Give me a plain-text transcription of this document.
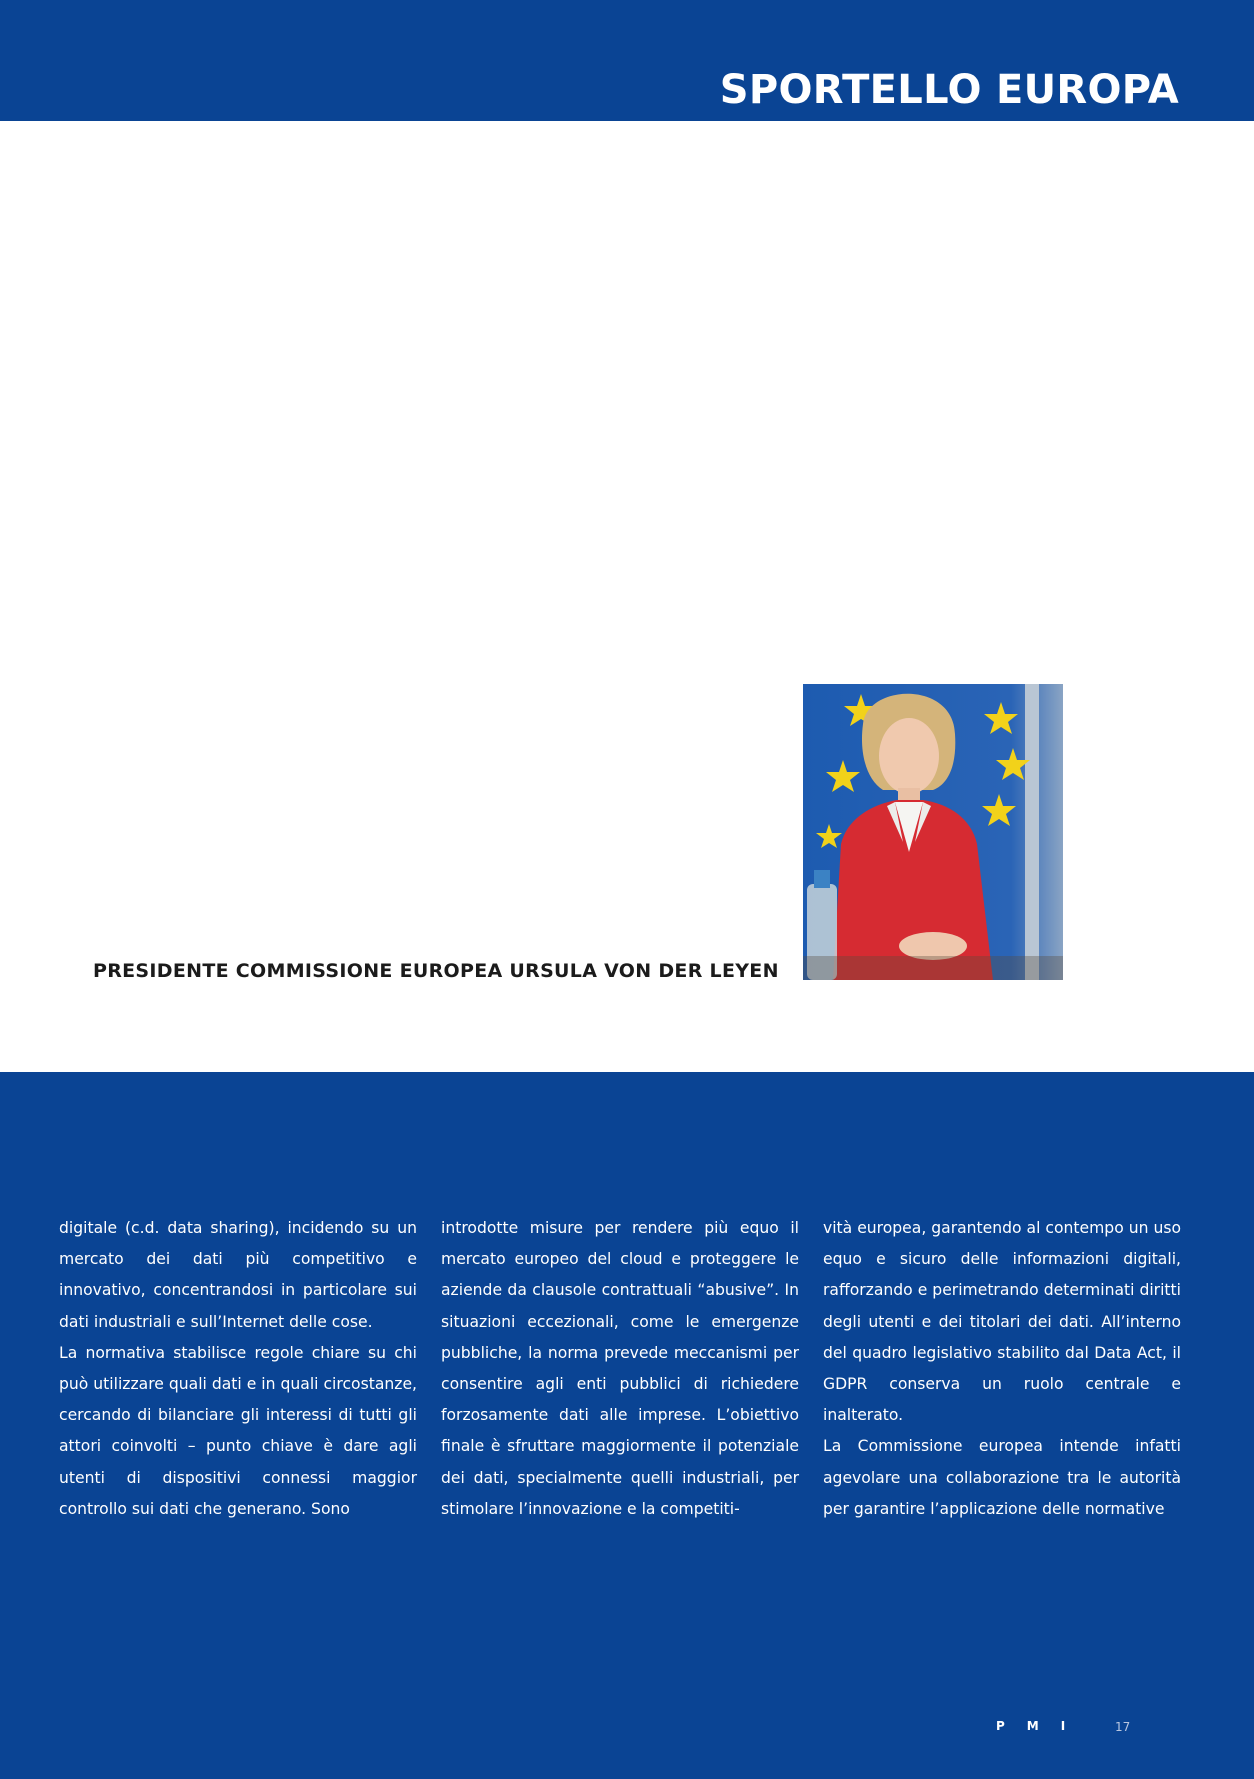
SPORTELLO EUROPA

PRESIDENTE COMMISSIONE EUROPEA URSULA VON DER LEYEN

digitale (c.d. data sharing), incidendo su un mercato dei dati più competitivo e innovativo, concentrandosi in particolare sui dati industriali e sull’Internet delle cose.

La normativa stabilisce regole chiare su chi può utilizzare quali dati e in quali circostanze, cercando di bilanciare gli interessi di tutti gli attori coinvolti – punto chiave è dare agli utenti di dispositivi connessi maggior controllo sui dati che generano. Sono

introdotte misure per rendere più equo il mercato europeo del cloud e proteggere le aziende da clausole contrattuali “abusive”. In situazioni eccezionali, come le emergenze pubbliche, la norma prevede meccanismi per consentire agli enti pubblici di richiedere forzosamente dati alle imprese. L’obiettivo finale è sfruttare maggiormente il potenziale dei dati, specialmente quelli industriali, per stimolare l’innovazione e la competiti-

vità europea, garantendo al contempo un uso equo e sicuro delle informazioni digitali, rafforzando e perimetrando determinati diritti degli utenti e dei titolari dei dati. All’interno del quadro legislativo stabilito dal Data Act, il GDPR conserva un ruolo centrale e inalterato.

La Commissione europea intende infatti agevolare una collaborazione tra le autorità per garantire l’applicazione delle normative

PMI 17
